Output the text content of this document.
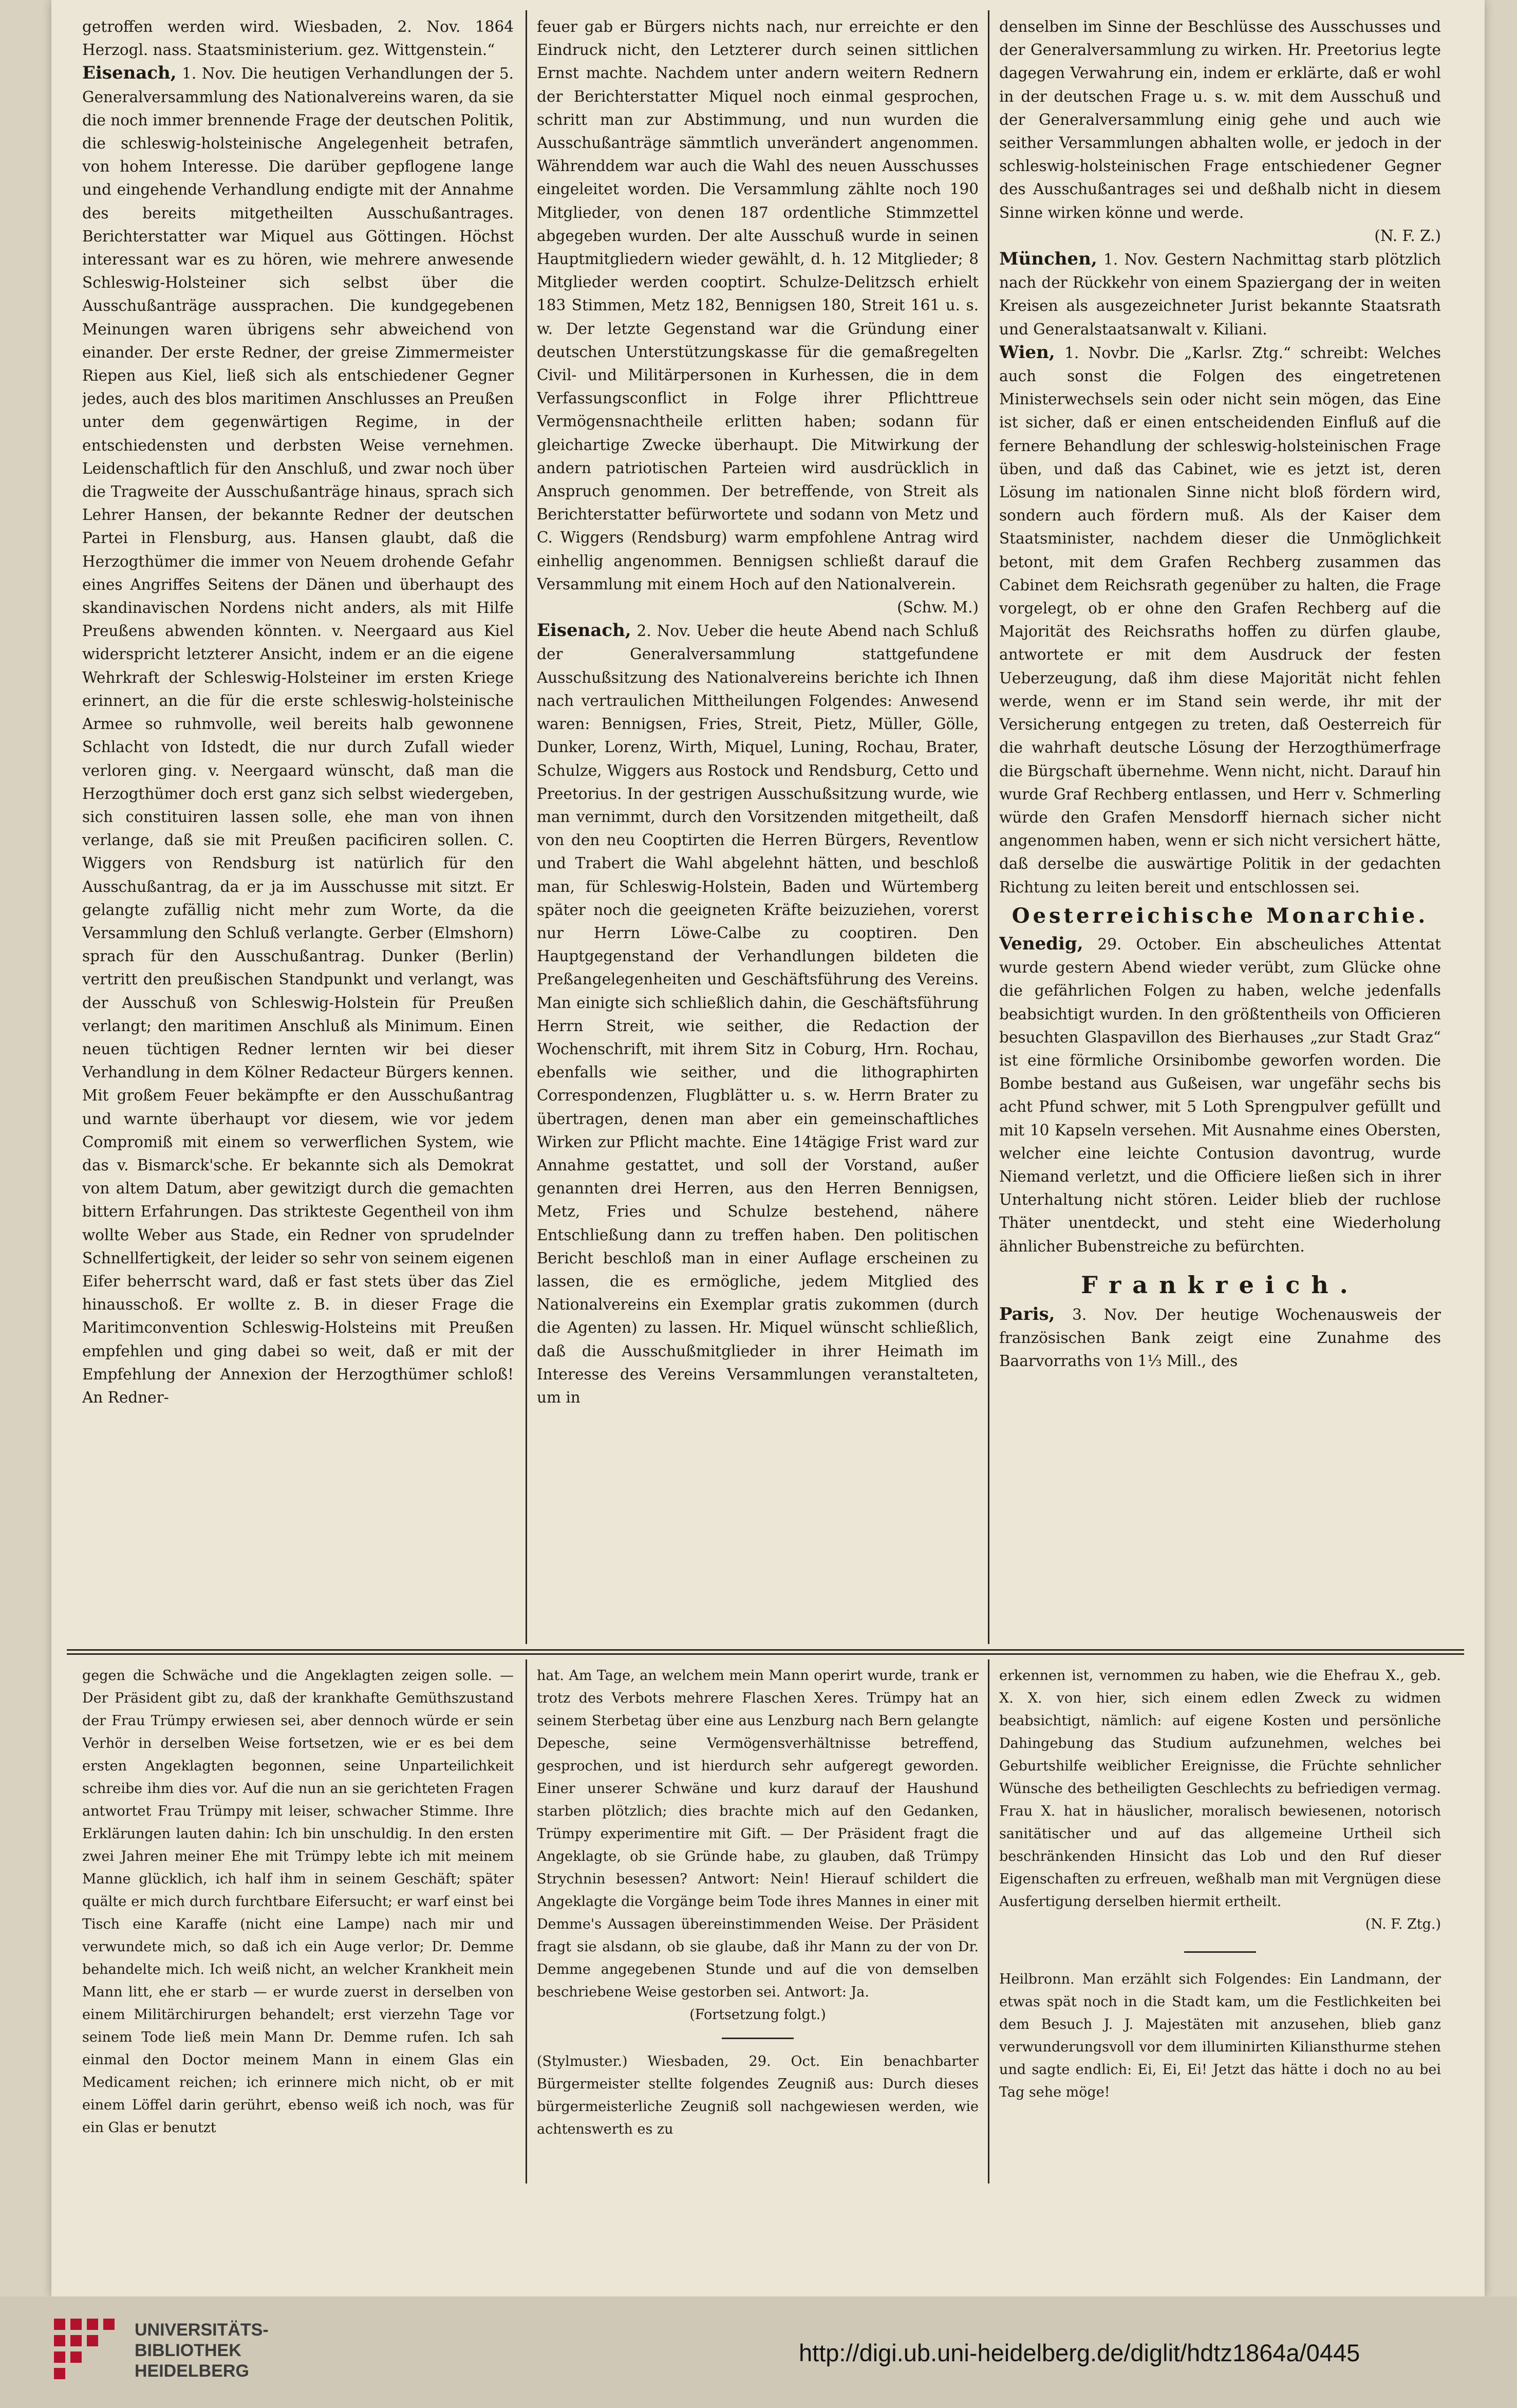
getroffen werden wird. Wiesbaden, 2. Nov. 1864 Herzogl. nass. Staatsministerium. gez. Wittgenstein.“

Eisenach, 1. Nov. Die heutigen Verhandlungen der 5. Generalversammlung des Nationalvereins waren, da sie die noch immer brennende Frage der deutschen Politik, die schleswig-holsteinische Angelegenheit betrafen, von hohem Interesse. Die darüber gepflogene lange und eingehende Verhandlung endigte mit der Annahme des bereits mitgetheilten Ausschußantrages. Berichterstatter war Miquel aus Göttingen. Höchst interessant war es zu hören, wie mehrere anwesende Schleswig-Holsteiner sich selbst über die Ausschußanträge aussprachen. Die kundgegebenen Meinungen waren übrigens sehr abweichend von einander. Der erste Redner, der greise Zimmermeister Riepen aus Kiel, ließ sich als entschiedener Gegner jedes, auch des blos maritimen Anschlusses an Preußen unter dem gegenwärtigen Regime, in der entschiedensten und derbsten Weise vernehmen. Leidenschaftlich für den Anschluß, und zwar noch über die Tragweite der Ausschußanträge hinaus, sprach sich Lehrer Hansen, der bekannte Redner der deutschen Partei in Flensburg, aus. Hansen glaubt, daß die Herzogthümer die immer von Neuem drohende Gefahr eines Angriffes Seitens der Dänen und überhaupt des skandinavischen Nordens nicht anders, als mit Hilfe Preußens abwenden könnten. v. Neergaard aus Kiel widerspricht letzterer Ansicht, indem er an die eigene Wehrkraft der Schleswig-Holsteiner im ersten Kriege erinnert, an die für die erste schleswig-holsteinische Armee so ruhmvolle, weil bereits halb gewonnene Schlacht von Idstedt, die nur durch Zufall wieder verloren ging. v. Neergaard wünscht, daß man die Herzogthümer doch erst ganz sich selbst wiedergeben, sich constituiren lassen solle, ehe man von ihnen verlange, daß sie mit Preußen pacificiren sollen. C. Wiggers von Rendsburg ist natürlich für den Ausschußantrag, da er ja im Ausschusse mit sitzt. Er gelangte zufällig nicht mehr zum Worte, da die Versammlung den Schluß verlangte. Gerber (Elmshorn) sprach für den Ausschußantrag. Dunker (Berlin) vertritt den preußischen Standpunkt und verlangt, was der Ausschuß von Schleswig-Holstein für Preußen verlangt; den maritimen Anschluß als Minimum. Einen neuen tüchtigen Redner lernten wir bei dieser Verhandlung in dem Kölner Redacteur Bürgers kennen. Mit großem Feuer bekämpfte er den Ausschußantrag und warnte überhaupt vor diesem, wie vor jedem Compromiß mit einem so verwerflichen System, wie das v. Bismarck'sche. Er bekannte sich als Demokrat von altem Datum, aber gewitzigt durch die gemachten bittern Erfahrungen. Das strikteste Gegentheil von ihm wollte Weber aus Stade, ein Redner von sprudelnder Schnellfertigkeit, der leider so sehr von seinem eigenen Eifer beherrscht ward, daß er fast stets über das Ziel hinausschoß. Er wollte z. B. in dieser Frage die Maritimconvention Schleswig-Holsteins mit Preußen empfehlen und ging dabei so weit, daß er mit der Empfehlung der Annexion der Herzogthümer schloß! An Redner-

feuer gab er Bürgers nichts nach, nur erreichte er den Eindruck nicht, den Letzterer durch seinen sittlichen Ernst machte. Nachdem unter andern weitern Rednern der Berichterstatter Miquel noch einmal gesprochen, schritt man zur Abstimmung, und nun wurden die Ausschußanträge sämmtlich unverändert angenommen. Währenddem war auch die Wahl des neuen Ausschusses eingeleitet worden. Die Versammlung zählte noch 190 Mitglieder, von denen 187 ordentliche Stimmzettel abgegeben wurden. Der alte Ausschuß wurde in seinen Hauptmitgliedern wieder gewählt, d. h. 12 Mitglieder; 8 Mitglieder werden cooptirt. Schulze-Delitzsch erhielt 183 Stimmen, Metz 182, Bennigsen 180, Streit 161 u. s. w. Der letzte Gegenstand war die Gründung einer deutschen Unterstützungskasse für die gemaßregelten Civil- und Militärpersonen in Kurhessen, die in dem Verfassungsconflict in Folge ihrer Pflichttreue Vermögensnachtheile erlitten haben; sodann für gleichartige Zwecke überhaupt. Die Mitwirkung der andern patriotischen Parteien wird ausdrücklich in Anspruch genommen. Der betreffende, von Streit als Berichterstatter befürwortete und sodann von Metz und C. Wiggers (Rendsburg) warm empfohlene Antrag wird einhellig angenommen. Bennigsen schließt darauf die Versammlung mit einem Hoch auf den Nationalverein.

(Schw. M.)

Eisenach, 2. Nov. Ueber die heute Abend nach Schluß der Generalversammlung stattgefundene Ausschußsitzung des Nationalvereins berichte ich Ihnen nach vertraulichen Mittheilungen Folgendes: Anwesend waren: Bennigsen, Fries, Streit, Pietz, Müller, Gölle, Dunker, Lorenz, Wirth, Miquel, Luning, Rochau, Brater, Schulze, Wiggers aus Rostock und Rendsburg, Cetto und Preetorius. In der gestrigen Ausschußsitzung wurde, wie man vernimmt, durch den Vorsitzenden mitgetheilt, daß von den neu Cooptirten die Herren Bürgers, Reventlow und Trabert die Wahl abgelehnt hätten, und beschloß man, für Schleswig-Holstein, Baden und Würtemberg später noch die geeigneten Kräfte beizuziehen, vorerst nur Herrn Löwe-Calbe zu cooptiren. Den Hauptgegenstand der Verhandlungen bildeten die Preßangelegenheiten und Geschäftsführung des Vereins. Man einigte sich schließlich dahin, die Geschäftsführung Herrn Streit, wie seither, die Redaction der Wochenschrift, mit ihrem Sitz in Coburg, Hrn. Rochau, ebenfalls wie seither, und die lithographirten Correspondenzen, Flugblätter u. s. w. Herrn Brater zu übertragen, denen man aber ein gemeinschaftliches Wirken zur Pflicht machte. Eine 14tägige Frist ward zur Annahme gestattet, und soll der Vorstand, außer genannten drei Herren, aus den Herren Bennigsen, Metz, Fries und Schulze bestehend, nähere Entschließung dann zu treffen haben. Den politischen Bericht beschloß man in einer Auflage erscheinen zu lassen, die es ermögliche, jedem Mitglied des Nationalvereins ein Exemplar gratis zukommen (durch die Agenten) zu lassen. Hr. Miquel wünscht schließlich, daß die Ausschußmitglieder in ihrer Heimath im Interesse des Vereins Versammlungen veranstalteten, um in

denselben im Sinne der Beschlüsse des Ausschusses und der Generalversammlung zu wirken. Hr. Preetorius legte dagegen Verwahrung ein, indem er erklärte, daß er wohl in der deutschen Frage u. s. w. mit dem Ausschuß und der Generalversammlung einig gehe und auch wie seither Versammlungen abhalten wolle, er jedoch in der schleswig-holsteinischen Frage entschiedener Gegner des Ausschußantrages sei und deßhalb nicht in diesem Sinne wirken könne und werde.

(N. F. Z.)

München, 1. Nov. Gestern Nachmittag starb plötzlich nach der Rückkehr von einem Spaziergang der in weiten Kreisen als ausgezeichneter Jurist bekannte Staatsrath und Generalstaatsanwalt v. Kiliani.

Wien, 1. Novbr. Die „Karlsr. Ztg.“ schreibt: Welches auch sonst die Folgen des eingetretenen Ministerwechsels sein oder nicht sein mögen, das Eine ist sicher, daß er einen entscheidenden Einfluß auf die fernere Behandlung der schleswig-holsteinischen Frage üben, und daß das Cabinet, wie es jetzt ist, deren Lösung im nationalen Sinne nicht bloß fördern wird, sondern auch fördern muß. Als der Kaiser dem Staatsminister, nachdem dieser die Unmöglichkeit betont, mit dem Grafen Rechberg zusammen das Cabinet dem Reichsrath gegenüber zu halten, die Frage vorgelegt, ob er ohne den Grafen Rechberg auf die Majorität des Reichsraths hoffen zu dürfen glaube, antwortete er mit dem Ausdruck der festen Ueberzeugung, daß ihm diese Majorität nicht fehlen werde, wenn er im Stand sein werde, ihr mit der Versicherung entgegen zu treten, daß Oesterreich für die wahrhaft deutsche Lösung der Herzogthümerfrage die Bürgschaft übernehme. Wenn nicht, nicht. Darauf hin wurde Graf Rechberg entlassen, und Herr v. Schmerling würde den Grafen Mensdorff hiernach sicher nicht angenommen haben, wenn er sich nicht versichert hätte, daß derselbe die auswärtige Politik in der gedachten Richtung zu leiten bereit und entschlossen sei.

Oesterreichische Monarchie.

Venedig, 29. October. Ein abscheuliches Attentat wurde gestern Abend wieder verübt, zum Glücke ohne die gefährlichen Folgen zu haben, welche jedenfalls beabsichtigt wurden. In den größtentheils von Officieren besuchten Glaspavillon des Bierhauses „zur Stadt Graz“ ist eine förmliche Orsinibombe geworfen worden. Die Bombe bestand aus Gußeisen, war ungefähr sechs bis acht Pfund schwer, mit 5 Loth Sprengpulver gefüllt und mit 10 Kapseln versehen. Mit Ausnahme eines Obersten, welcher eine leichte Contusion davontrug, wurde Niemand verletzt, und die Officiere ließen sich in ihrer Unterhaltung nicht stören. Leider blieb der ruchlose Thäter unentdeckt, und steht eine Wiederholung ähnlicher Bubenstreiche zu befürchten.

Frankreich.

Paris, 3. Nov. Der heutige Wochenausweis der französischen Bank zeigt eine Zunahme des Baarvorraths von 1⅓ Mill., des

gegen die Schwäche und die Angeklagten zeigen solle. — Der Präsident gibt zu, daß der krankhafte Gemüthszustand der Frau Trümpy erwiesen sei, aber dennoch würde er sein Verhör in derselben Weise fortsetzen, wie er es bei dem ersten Angeklagten begonnen, seine Unparteilichkeit schreibe ihm dies vor. Auf die nun an sie gerichteten Fragen antwortet Frau Trümpy mit leiser, schwacher Stimme. Ihre Erklärungen lauten dahin: Ich bin unschuldig. In den ersten zwei Jahren meiner Ehe mit Trümpy lebte ich mit meinem Manne glücklich, ich half ihm in seinem Geschäft; später quälte er mich durch furchtbare Eifersucht; er warf einst bei Tisch eine Karaffe (nicht eine Lampe) nach mir und verwundete mich, so daß ich ein Auge verlor; Dr. Demme behandelte mich. Ich weiß nicht, an welcher Krankheit mein Mann litt, ehe er starb — er wurde zuerst in derselben von einem Militärchirurgen behandelt; erst vierzehn Tage vor seinem Tode ließ mein Mann Dr. Demme rufen. Ich sah einmal den Doctor meinem Mann in einem Glas ein Medicament reichen; ich erinnere mich nicht, ob er mit einem Löffel darin gerührt, ebenso weiß ich noch, was für ein Glas er benutzt

hat. Am Tage, an welchem mein Mann operirt wurde, trank er trotz des Verbots mehrere Flaschen Xeres. Trümpy hat an seinem Sterbetag über eine aus Lenzburg nach Bern gelangte Depesche, seine Vermögensverhältnisse betreffend, gesprochen, und ist hierdurch sehr aufgeregt geworden. Einer unserer Schwäne und kurz darauf der Haushund starben plötzlich; dies brachte mich auf den Gedanken, Trümpy experimentire mit Gift. — Der Präsident fragt die Angeklagte, ob sie Gründe habe, zu glauben, daß Trümpy Strychnin besessen? Antwort: Nein! Hierauf schildert die Angeklagte die Vorgänge beim Tode ihres Mannes in einer mit Demme's Aussagen übereinstimmenden Weise. Der Präsident fragt sie alsdann, ob sie glaube, daß ihr Mann zu der von Dr. Demme angegebenen Stunde und auf die von demselben beschriebene Weise gestorben sei. Antwort: Ja.

(Fortsetzung folgt.)

(Stylmuster.) Wiesbaden, 29. Oct. Ein benachbarter Bürgermeister stellte folgendes Zeugniß aus: Durch dieses bürgermeisterliche Zeugniß soll nachgewiesen werden, wie achtenswerth es zu

erkennen ist, vernommen zu haben, wie die Ehefrau X., geb. X. X. von hier, sich einem edlen Zweck zu widmen beabsichtigt, nämlich: auf eigene Kosten und persönliche Dahingebung das Studium aufzunehmen, welches bei Geburtshilfe weiblicher Ereignisse, die Früchte sehnlicher Wünsche des betheiligten Geschlechts zu befriedigen vermag. Frau X. hat in häuslicher, moralisch bewiesenen, notorisch sanitätischer und auf das allgemeine Urtheil sich beschränkenden Hinsicht das Lob und den Ruf dieser Eigenschaften zu erfreuen, weßhalb man mit Vergnügen diese Ausfertigung derselben hiermit ertheilt.

(N. F. Ztg.)

Heilbronn. Man erzählt sich Folgendes: Ein Landmann, der etwas spät noch in die Stadt kam, um die Festlichkeiten bei dem Besuch J. J. Majestäten mit anzusehen, blieb ganz verwunderungsvoll vor dem illuminirten Kiliansthurme stehen und sagte endlich: Ei, Ei, Ei! Jetzt das hätte i doch no au bei Tag sehe möge!

UNIVERSITÄTS-
BIBLIOTHEK
HEIDELBERG
http://digi.ub.uni-heidelberg.de/diglit/hdtz1864a/0445
